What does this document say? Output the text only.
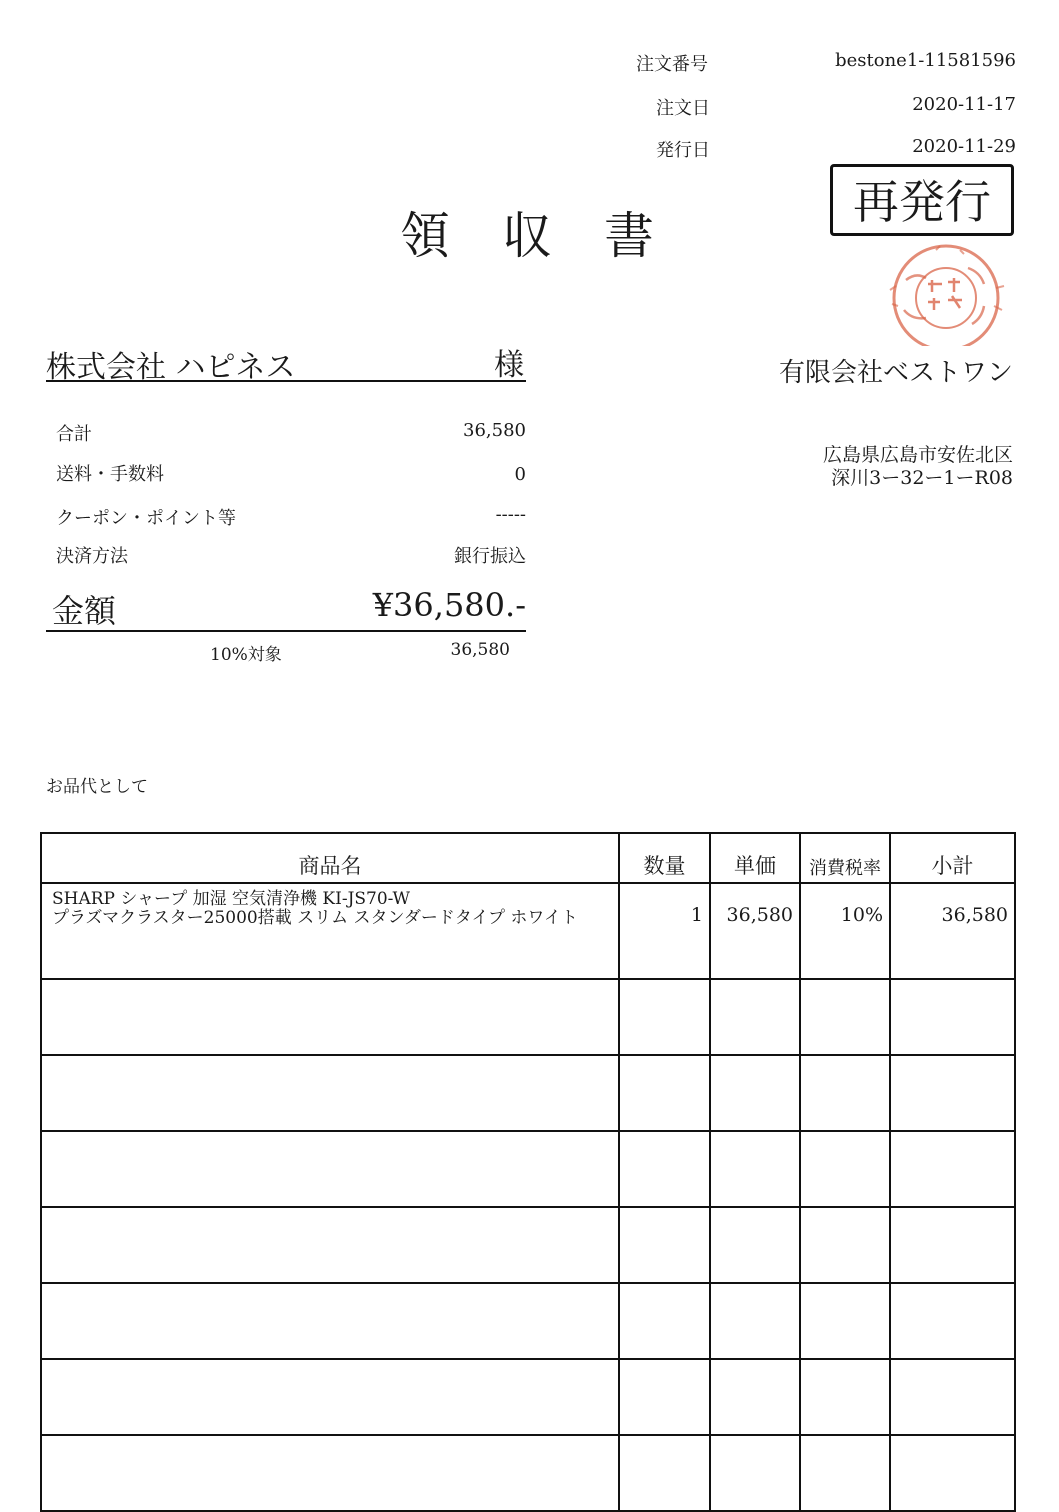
注文番号	bestone1-11581596
注文日	2020-11-17
発行日	2020-11-29
領収書
再発行
株式会社 ハピネス	様	有限会社ベストワン
広島県広島市安佐北区
深川3ー32ー1ーR08
合計	36,580
送料・手数料	0
クーポン・ポイント等	-----
決済方法	銀行振込
金額	¥36,580.-
10%対象	36,580
お品代として
商品名	数量	単価	消費税率	小計

SHARP シャープ 加湿 空気清浄機 KI-JS70-W
プラズマクラスター25000搭載 スリム スタンダードタイプ ホワイト	1	36,580	10%	36,580
